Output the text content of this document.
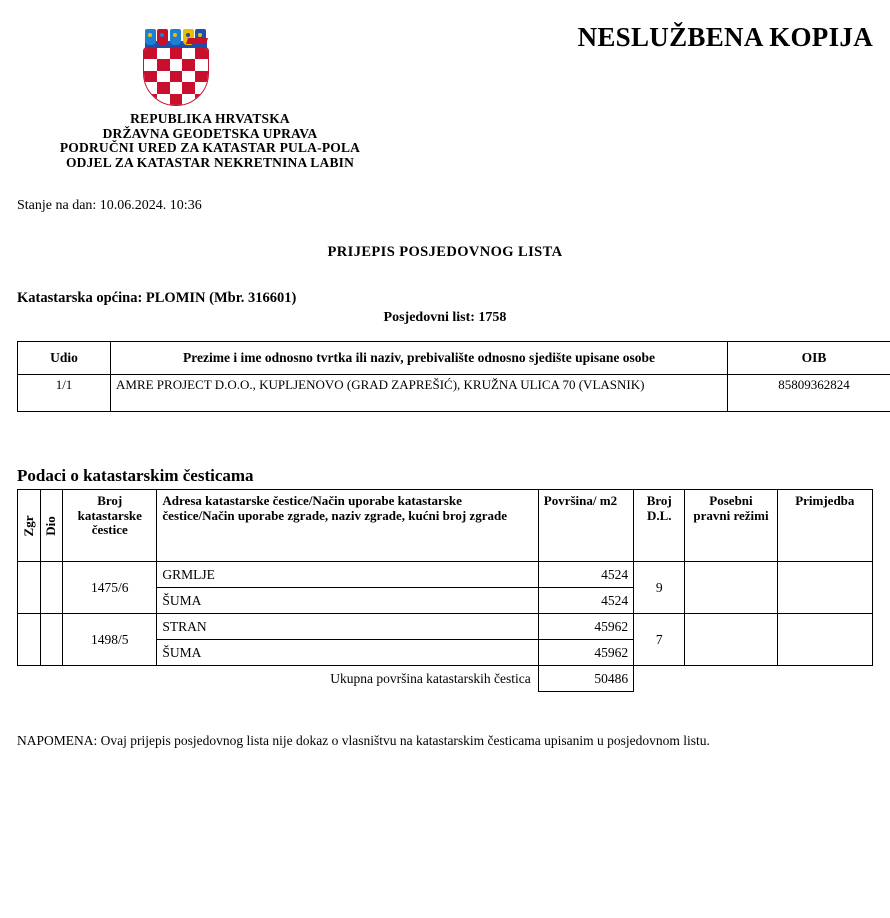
NESLUŽBENA KOPIJA
REPUBLIKA HRVATSKA
DRŽAVNA GEODETSKA UPRAVA
PODRUČNI URED ZA KATASTAR PULA-POLA
ODJEL ZA KATASTAR NEKRETNINA LABIN
Stanje na dan: 10.06.2024. 10:36
PRIJEPIS POSJEDOVNOG LISTA
Katastarska općina: PLOMIN (Mbr. 316601)
Posjedovni list: 1758
Udio	Prezime i ime odnosno tvrtka ili naziv, prebivalište odnosno sjedište upisane osobe	OIB
1/1	AMRE PROJECT D.O.O., KUPLJENOVO (GRAD ZAPREŠIĆ), KRUŽNA ULICA 70 (VLASNIK)	85809362824
Podaci o katastarskim česticama
Zgr	Dio	Broj katastarske čestice	Adresa katastarske čestice/Način uporabe katastarske čestice/Način uporabe zgrade, naziv zgrade, kućni broj zgrade	Površina/ m2	Broj D.L.	Posebni pravni režimi	Primjedba
		1475/6	GRMLJE	4524	9		
			ŠUMA	4524			
		1498/5	STRAN	45962	7		
			ŠUMA	45962			
Ukupna površina katastarskih čestica				50486			
NAPOMENA: Ovaj prijepis posjedovnog lista nije dokaz o vlasništvu na katastarskim česticama upisanim u posjedovnom listu.
